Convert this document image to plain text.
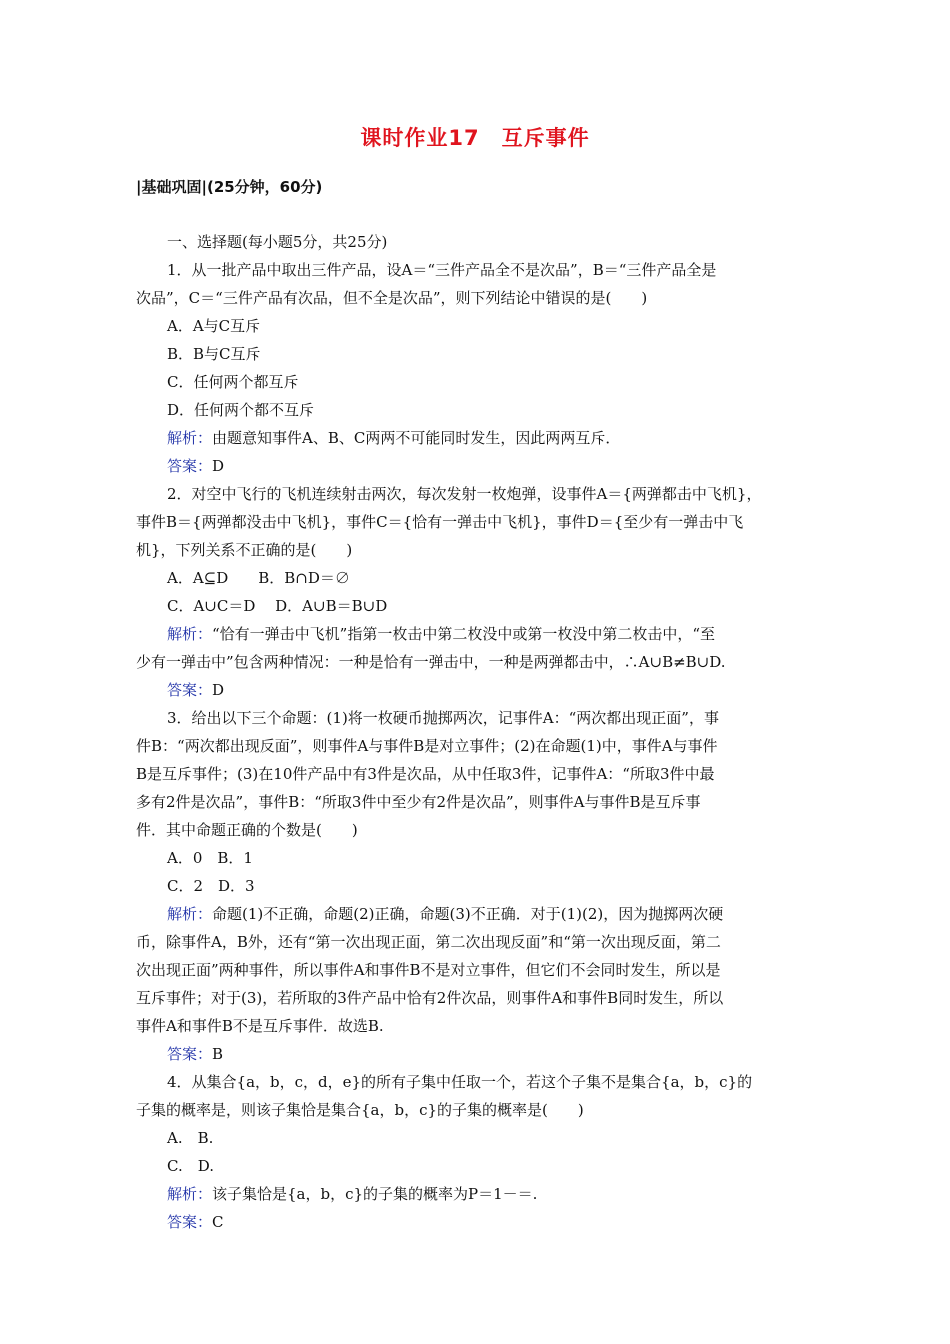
课时作业17　互斥事件
|基础巩固|(25分钟，60分)
一、选择题(每小题5分，共25分)
1．从一批产品中取出三件产品，设A＝“三件产品全不是次品”，B＝“三件产品全是
次品”，C＝“三件产品有次品，但不全是次品”，则下列结论中错误的是(　　)
A．A与C互斥
B．B与C互斥
C．任何两个都互斥
D．任何两个都不互斥
解析：由题意知事件A、B、C两两不可能同时发生，因此两两互斥．
答案：D
2．对空中飞行的飞机连续射击两次，每次发射一枚炮弹，设事件A＝{两弹都击中飞机}，
事件B＝{两弹都没击中飞机}，事件C＝{恰有一弹击中飞机}，事件D＝{至少有一弹击中飞
机}，下列关系不正确的是(　　)
A．A⊆D　　B．B∩D＝∅
C．A∪C＝D　 D．A∪B＝B∪D
解析：“恰有一弹击中飞机”指第一枚击中第二枚没中或第一枚没中第二枚击中，“至
少有一弹击中”包含两种情况：一种是恰有一弹击中，一种是两弹都击中，∴A∪B≠B∪D.
答案：D
3．给出以下三个命题：(1)将一枚硬币抛掷两次，记事件A：“两次都出现正面”，事
件B：“两次都出现反面”，则事件A与事件B是对立事件；(2)在命题(1)中，事件A与事件
B是互斥事件；(3)在10件产品中有3件是次品，从中任取3件，记事件A：“所取3件中最
多有2件是次品”，事件B：“所取3件中至少有2件是次品”，则事件A与事件B是互斥事
件．其中命题正确的个数是(　　)
A．0　B．1
C．2　D．3
解析：命题(1)不正确，命题(2)正确，命题(3)不正确．对于(1)(2)，因为抛掷两次硬
币，除事件A，B外，还有“第一次出现正面，第二次出现反面”和“第一次出现反面，第二
次出现正面”两种事件，所以事件A和事件B不是对立事件，但它们不会同时发生，所以是
互斥事件；对于(3)，若所取的3件产品中恰有2件次品，则事件A和事件B同时发生，所以
事件A和事件B不是互斥事件．故选B.
答案：B
4．从集合{a，b，c，d，e}的所有子集中任取一个，若这个子集不是集合{a，b，c}的
子集的概率是，则该子集恰是集合{a，b，c}的子集的概率是(　　)
A.　B.
C.　D.
解析：该子集恰是{a，b，c}的子集的概率为P＝1－＝.
答案：C
